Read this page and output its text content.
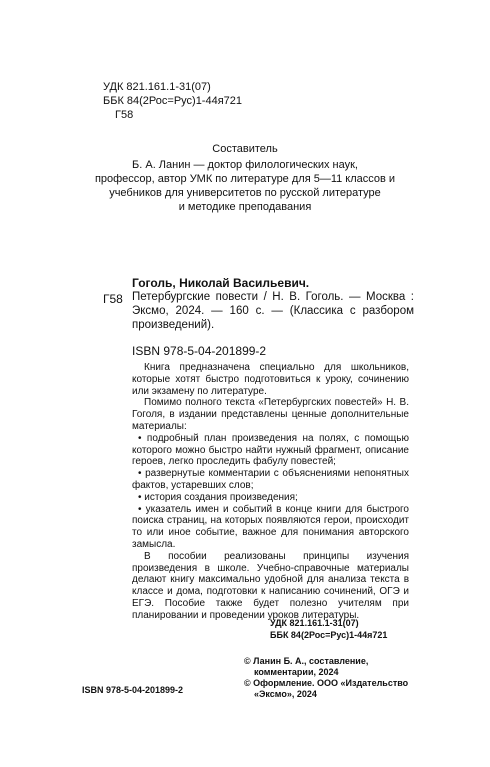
УДК 821.161.1-31(07)
ББК 84(2Рос=Рус)1-44я721
Г58
Составитель
Б. А. Ланин — доктор филологических наук,
профессор, автор УМК по литературе для 5—11 классов и
учебников для университетов по русской литературе
и методике преподавания
Гоголь, Николай Васильевич.
Г58 Петербургские повести / Н. В. Гоголь. — Москва : Эксмо, 2024. — 160 с. — (Классика с разбором произведений).

ISBN 978-5-04-201899-2

Книга предназначена специально для школьников, которые хотят быстро подготовиться к уроку, сочинению или экзамену по литературе.

Помимо полного текста «Петербургских повестей» Н. В. Гоголя, в издании представлены ценные дополнительные материалы:

• подробный план произведения на полях, с помощью которого можно быстро найти нужный фрагмент, описание героев, легко проследить фабулу повестей;

• развернутые комментарии с объяснениями непонятных фактов, устаревших слов;

• история создания произведения;

• указатель имен и событий в конце книги для быстрого поиска страниц, на которых появляются герои, происходит то или иное событие, важное для понимания авторского замысла.

В пособии реализованы принципы изучения произведения в школе. Учебно-справочные материалы делают книгу максимально удобной для анализа текста в классе и дома, подготовки к написанию сочинений, ОГЭ и ЕГЭ. Пособие также будет полезно учителям при планировании и проведении уроков литературы.

УДК 821.161.1-31(07)
ББК 84(2Рос=Рус)1-44я721
© Ланин Б. А., составление,
комментарии, 2024
© Оформление. ООО «Издательство
«Эксмо», 2024
ISBN 978-5-04-201899-2
